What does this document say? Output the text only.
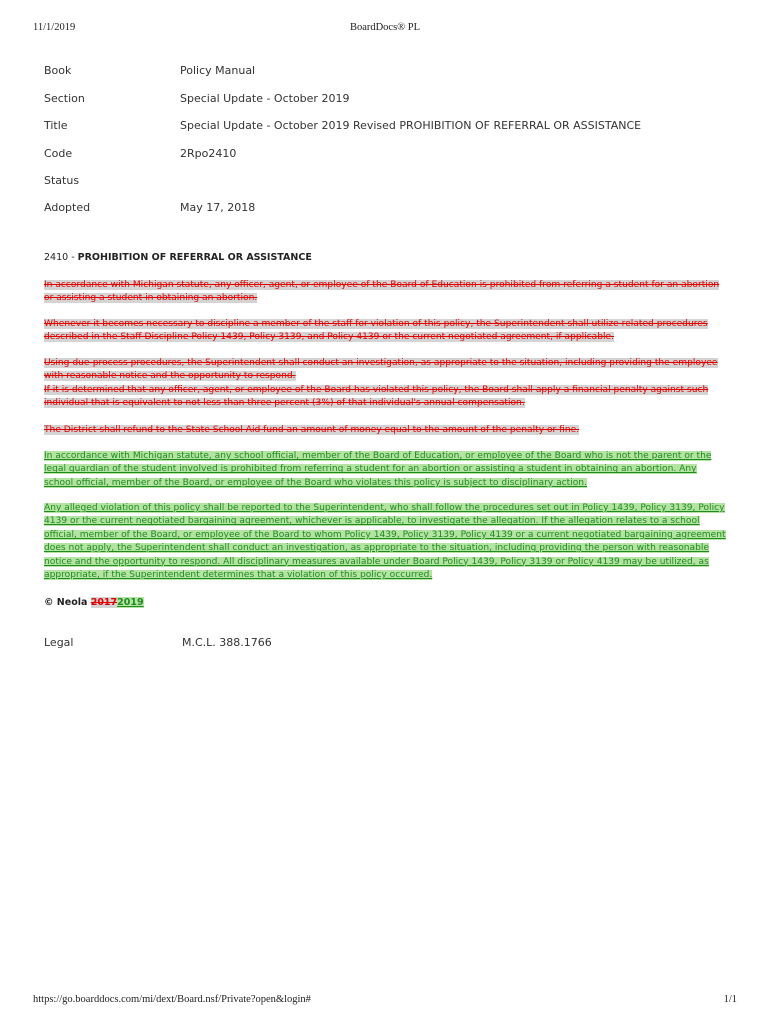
11/1/2019	BoardDocs® PL
Book	Policy Manual
Section	Special Update - October 2019
Title	Special Update - October 2019 Revised PROHIBITION OF REFERRAL OR ASSISTANCE
Code	2Rpo2410
Status
Adopted	May 17, 2018
2410 - PROHIBITION OF REFERRAL OR ASSISTANCE

In accordance with Michigan statute, any officer, agent, or employee of the Board of Education is prohibited from referring a student for an abortion or assisting a student in obtaining an abortion.

Whenever it becomes necessary to discipline a member of the staff for violation of this policy, the Superintendent shall utilize related procedures described in the Staff Discipline Policy 1439, Policy 3139, and Policy 4139 or the current negotiated agreement, if applicable.

Using due-process procedures, the Superintendent shall conduct an investigation, as appropriate to the situation, including providing the employee with reasonable notice and the opportunity to respond.
If it is determined that any officer, agent, or employee of the Board has violated this policy, the Board shall apply a financial penalty against such individual that is equivalent to not less than three percent (3%) of that individual's annual compensation.

The District shall refund to the State School Aid fund an amount of money equal to the amount of the penalty or fine.

In accordance with Michigan statute, any school official, member of the Board of Education, or employee of the Board who is not the parent or the legal guardian of the student involved is prohibited from referring a student for an abortion or assisting a student in obtaining an abortion. Any school official, member of the Board, or employee of the Board who violates this policy is subject to disciplinary action.

Any alleged violation of this policy shall be reported to the Superintendent, who shall follow the procedures set out in Policy 1439, Policy 3139, Policy 4139 or the current negotiated bargaining agreement, whichever is applicable, to investigate the allegation. If the allegation relates to a school official, member of the Board, or employee of the Board to whom Policy 1439, Policy 3139, Policy 4139 or a current negotiated bargaining agreement does not apply, the Superintendent shall conduct an investigation, as appropriate to the situation, including providing the person with reasonable notice and the opportunity to respond. All disciplinary measures available under Board Policy 1439, Policy 3139 or Policy 4139 may be utilized, as appropriate, if the Superintendent determines that a violation of this policy occurred.

© Neola 20172019
Legal	M.C.L. 388.1766
https://go.boarddocs.com/mi/dext/Board.nsf/Private?open&login#	1/1
